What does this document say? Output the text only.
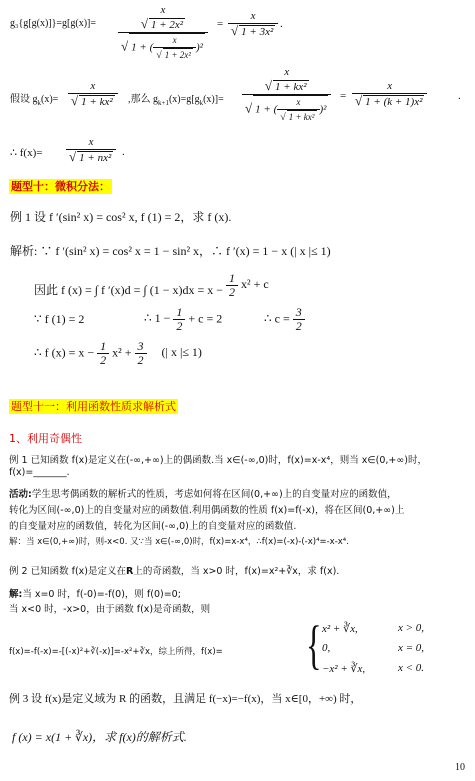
g₃{g[g(x)]}=g[g(x)]= x
√ 1 + 2x²
√ 1 + ( $\frac{x}{\text{√ 1 + 2x²}} )^2 = \frac{x}{\text{√ 1 + 3x²}}$ .
假设 $g_k(x)= \frac{x}{\text{√ 1 + kx²}}$ ,那么 $g_{k+1}(x)=g[g_k(x)]= x$
√ 1 + kx²
√ 1 + ( $\frac{x}{\text{√ 1 + kx²}} )^2 = \frac{x}{\text{√ 1 + (k + 1)x²}}$	.
∴ $f(x)= \frac{x}{\text{√ 1 + nx²}}$ .
题型十：微积分法：
例 1 设 f ′(sin² x) = cos² x, f (1) = 2，求 f (x).
解析: ∵ f ′(sin² x) = cos² x = 1 − sin² x，∴ f ′(x) = 1 − x (| x |≤ 1)
因此 f (x) = ∫ f ′(x)d = ∫ $(1 - x)dx = x - \frac{1}{2} x^2 + c$
∵ f (1) = 2	∴ $1 - \frac{1}{2} + c = 2$	∴ $c = \frac{3}{2}$
∴ f $(x) = x - \frac{1}{2} x^2 + \frac{3}{2}$ (| x |≤ 1)
题型十一：利用函数性质求解析式
1、利用奇偶性
例 1 已知函数 f(x)是定义在(-∞,+∞)上的偶函数.当 x∈(-∞,0)时，f(x)=x-x⁴，则当 x∈(0,+∞)时，
f(x)=_______.
活动:学生思考偶函数的解析式的性质，考虑如何将在区间(0,+∞)上的自变量对应的函数值，
转化为区间(-∞,0)上的自变量对应的函数值.利用偶函数的性质 f(x)=f(-x)，将在区间(0,+∞)上
的自变量对应的函数值，转化为区间(-∞,0)上的自变量对应的函数值.
解：当 x∈(0,+∞)时，则-x<0. 又∵当 x∈(-∞,0)时，f(x)=x-x⁴，∴f(x)=(-x)-(-x)⁴=-x-x⁴.
例 2 已知函数 f(x)是定义在R上的奇函数，当 x>0 时，f(x)=x²+∛x，求 f(x).
解:当 x=0 时，f(-0)=-f(0)，则 f(0)=0;
当 x<0 时，-x>0，由于函数 f(x)是奇函数，则
f(x)=-f(-x)=-[(-x)²+∛(-x)]=-x²+∛x，综上所得，f(x)= { x² + ∛x,	x > 0,
0,	x = 0,
−x² + ∛x,	x < 0.
例 3 设 f(x)是定义域为 R 的函数，且满足 f(−x)=−f(x)，当 x∈[0，+∞) 时，
f (x) = x(1 + ∛x)，求 f(x)的解析式.
10
